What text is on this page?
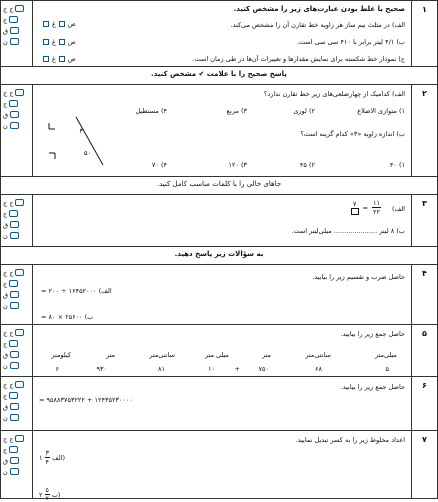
۱
ج ج
ج
ق
ن
صحیح یا غلط بودن عبارت‌های زیر را مشخص کنید.
الف) در مثلث نیم ساز هر زاویه خط تقارن آن را مشخص می‌کند.
ب) ۴/۱ لیتر برابر با ۴۱۰ سی سی است.
ج) نمودار خط شکسته برای نمایش مقدارها و تغییرات آن‌ها در طی زمان است.
ص
غ
ص
غ
ص
غ
پاسخ صحیح را با علامت ✔ مشخص کنید.
۲
ج ج
ج
ق
ن
الف) کدامیک از چهارضلعی‌های زیر خط تقارن ندارد؟
۱) متوازی الاضلاع
۲) لوزی
۳) مربع
۴) مستطیل
ب) اندازه زاویه «۳» کدام گزینه است؟
۱) ۴۰
۲) ۴۵
۳) ۱۲۰
۴) ۷۰
۳
۵۰
جاهای خالی را با کلمات مناسب کامل کنید.
۳
ج ج
ج
ق
ن
الف)
۷ =
۱۱
۲۲
ب) ۸ لیتر ..................... میلی‌لیتر است.
به سؤالات زیر پاسخ دهید.
۴
ج ج
ج
ق
ن
حاصل ضرب و تقسیم زیر را بیابید.
الف) ۱۶۴۵۲۰۰۰ ÷ ۲۰۰ =
ب) ۲۵۶۰۰ × ۸۰ =
۵
ج ج
ج
ق
ن
حاصل جمع زیر را بیابید.
میلی‌متر
سانتی‌متر
متر
میلی متر
سانتی‌متر
متر
کیلومتر
۵
۶۸
۷۵۰
+
۱۰
۸۱
۹۳۰
۶
۶
ج ج
ج
ق
ن
حاصل جمع زیر را بیابید.
۱۲۴۳۵۲۳۰۰۰۰ + ۹۵۸۸۳۷۵۳۲۲۲ =
۷
ج ج
ج
ق
ن
اعداد مخلوط زیر را به کسر تبدیل نمایید.
۱
۳
۴
الف)
۲ ۵
۷ ب)
